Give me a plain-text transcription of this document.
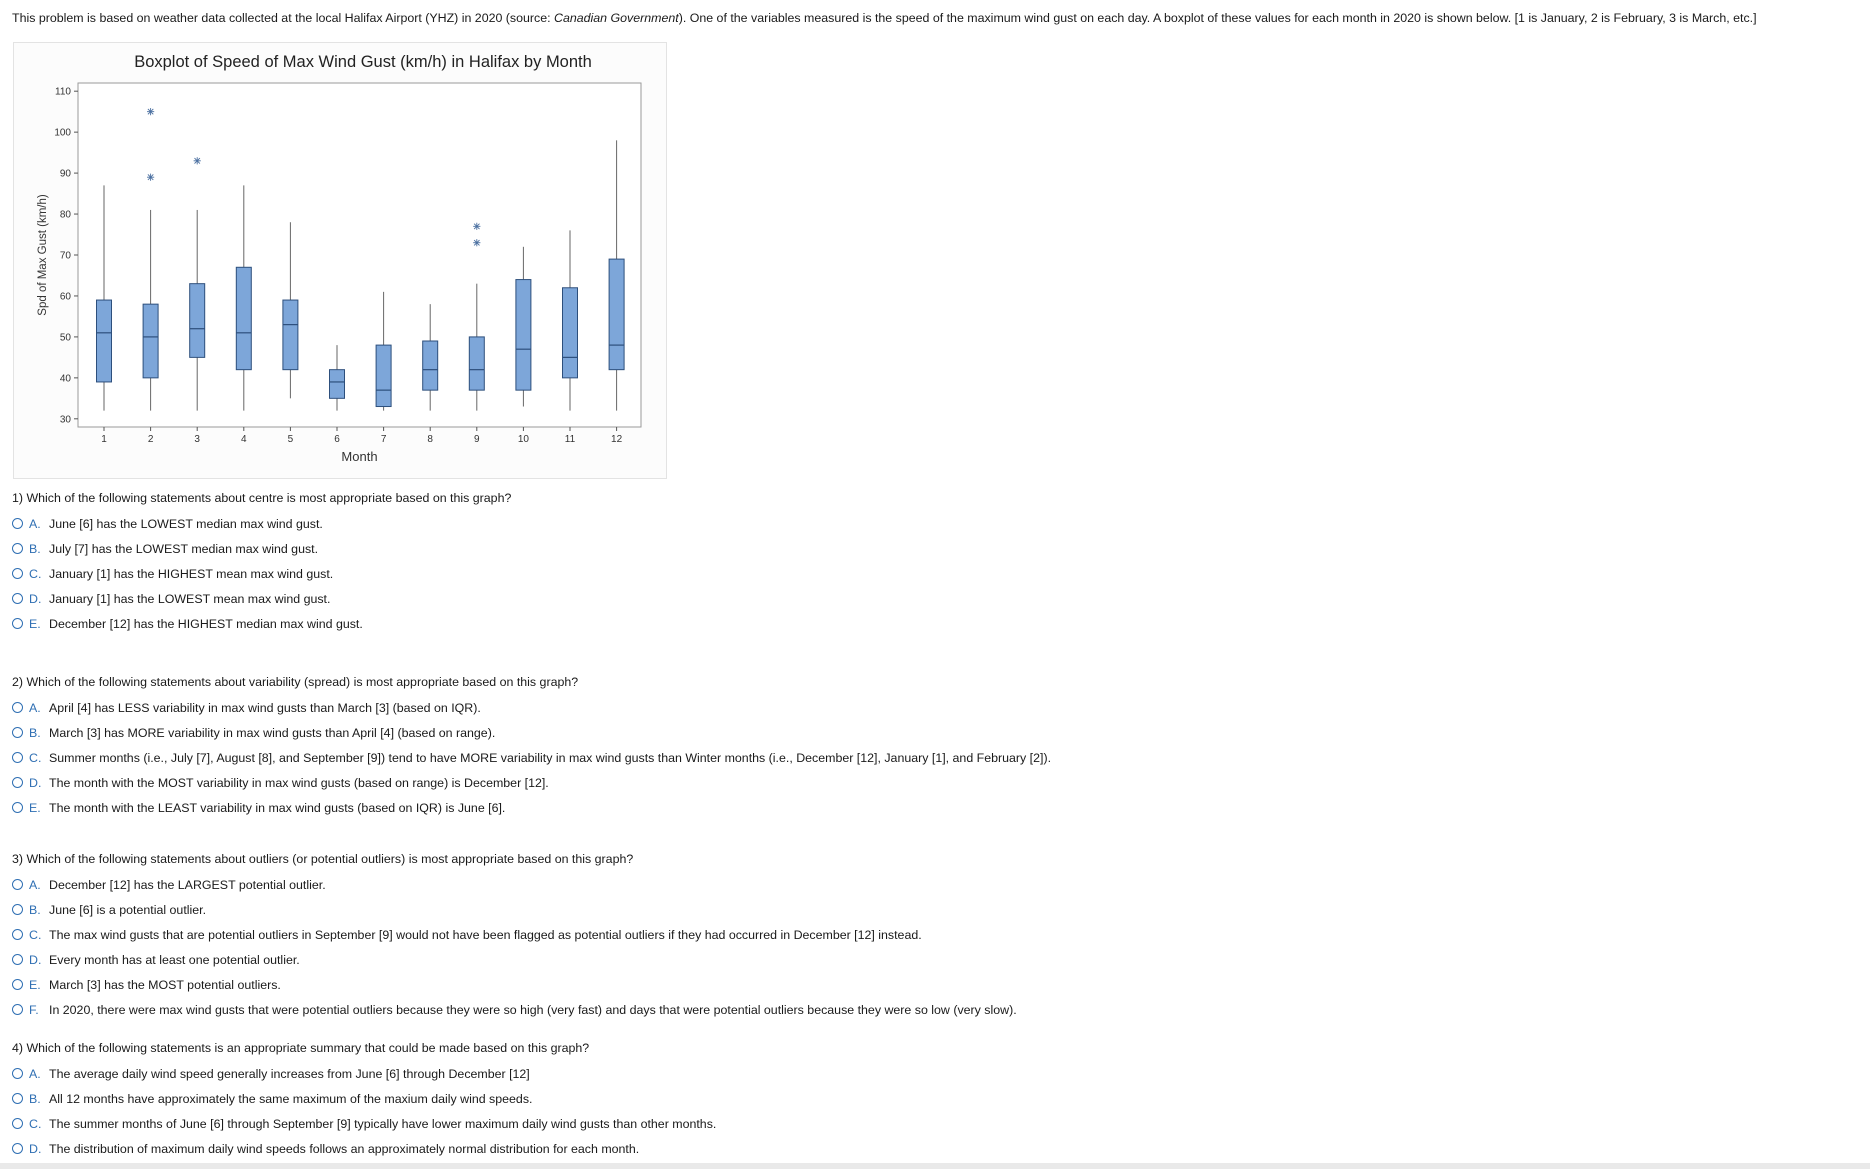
This problem is based on weather data collected at the local Halifax Airport (YHZ) in 2020 (source: Canadian Government). One of the variables measured is the speed of the maximum wind gust on each day. A boxplot of these values for each month in 2020 is shown below. [1 is January, 2 is February, 3 is March, etc.]
Boxplot of Speed of Max Wind Gust (km/h) in Halifax by Month
30
40
50
60
70
80
90
100
110
Spd of Max Gust (km/h)
1	2	3	4	5	6	7	8	9	10	11	12
Month
1) Which of the following statements about centre is most appropriate based on this graph?
A. June [6] has the LOWEST median max wind gust.
B. July [7] has the LOWEST median max wind gust.
C. January [1] has the HIGHEST mean max wind gust.
D. January [1] has the LOWEST mean max wind gust.
E. December [12] has the HIGHEST median max wind gust.
2) Which of the following statements about variability (spread) is most appropriate based on this graph?
A. April [4] has LESS variability in max wind gusts than March [3] (based on IQR).
B. March [3] has MORE variability in max wind gusts than April [4] (based on range).
C. Summer months (i.e., July [7], August [8], and September [9]) tend to have MORE variability in max wind gusts than Winter months (i.e., December [12], January [1], and February [2]).
D. The month with the MOST variability in max wind gusts (based on range) is December [12].
E. The month with the LEAST variability in max wind gusts (based on IQR) is June [6].
3) Which of the following statements about outliers (or potential outliers) is most appropriate based on this graph?
A. December [12] has the LARGEST potential outlier.
B. June [6] is a potential outlier.
C. The max wind gusts that are potential outliers in September [9] would not have been flagged as potential outliers if they had occurred in December [12] instead.
D. Every month has at least one potential outlier.
E. March [3] has the MOST potential outliers.
F. In 2020, there were max wind gusts that were potential outliers because they were so high (very fast) and days that were potential outliers because they were so low (very slow).
4) Which of the following statements is an appropriate summary that could be made based on this graph?
A. The average daily wind speed generally increases from June [6] through December [12]
B. All 12 months have approximately the same maximum of the maxium daily wind speeds.
C. The summer months of June [6] through September [9] typically have lower maximum daily wind gusts than other months.
D. The distribution of maximum daily wind speeds follows an approximately normal distribution for each month.
